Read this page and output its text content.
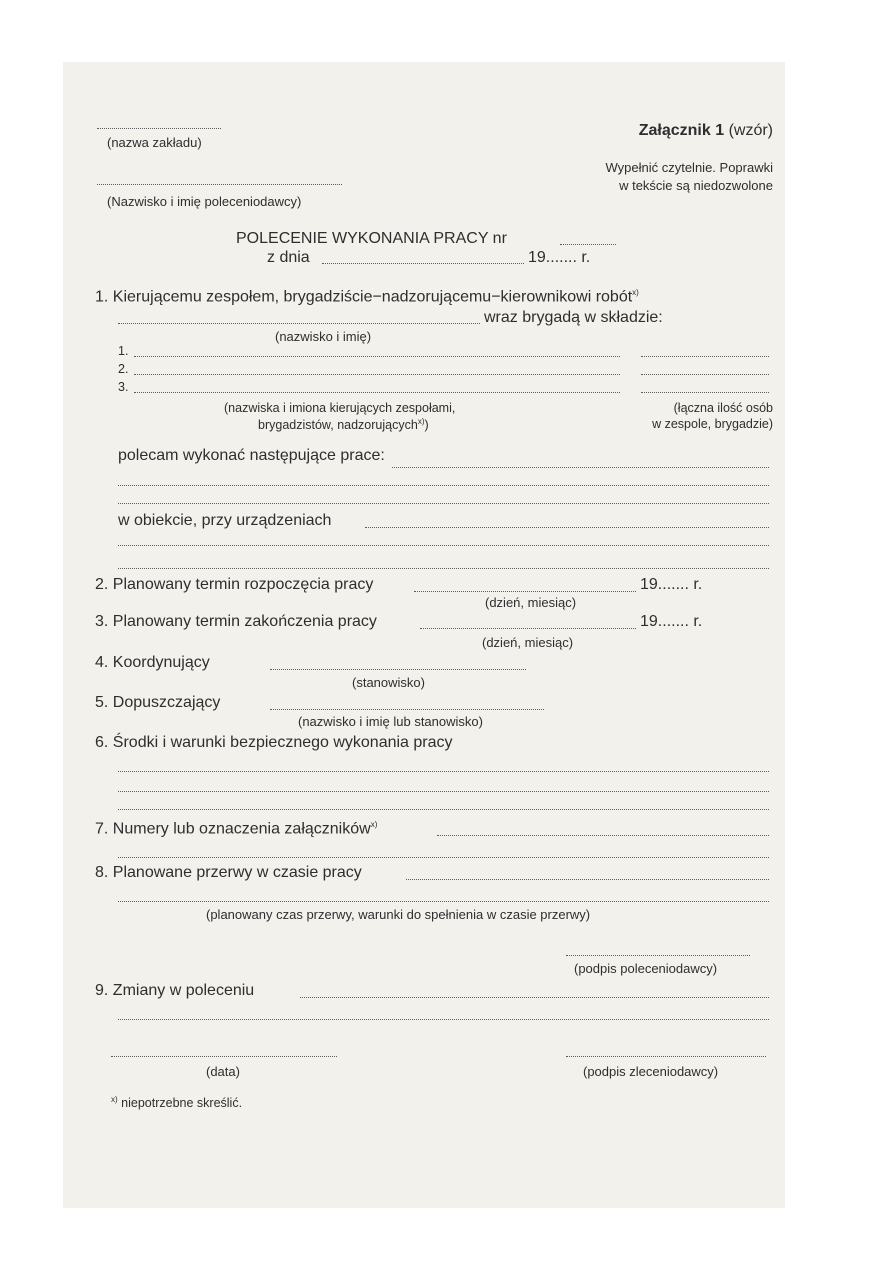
(nazwa zakładu)
Załącznik 1 (wzór)
Wypełnić czytelnie. Poprawki
w tekście są niedozwolone
(Nazwisko i imię poleceniodawcy)
POLECENIE WYKONANIA PRACY nr
z dnia	19....... r.
1. Kierującemu zespołem, brygadziście−nadzorującemu−kierownikowi robót$^{x)}$
wraz brygadą w składzie:
(nazwisko i imię)
1.
2.
3.
(nazwiska i imiona kierujących zespołami,
brygadzistów, nadzorujących$^{x)}$)
(łączna ilość osób
w zespole, brygadzie)
polecam wykonać następujące prace:
w obiekcie, przy urządzeniach
2. Planowany termin rozpoczęcia pracy	19....... r.
(dzień, miesiąc)
3. Planowany termin zakończenia pracy	19....... r.
(dzień, miesiąc)
4. Koordynujący
(stanowisko)
5. Dopuszczający
(nazwisko i imię lub stanowisko)
6. Środki i warunki bezpiecznego wykonania pracy
7. Numery lub oznaczenia załączników$^{x)}$
8. Planowane przerwy w czasie pracy
(planowany czas przerwy, warunki do spełnienia w czasie przerwy)
(podpis poleceniodawcy)
9. Zmiany w poleceniu
(data)	(podpis zleceniodawcy)
$^{x)}$ niepotrzebne skreślić.
